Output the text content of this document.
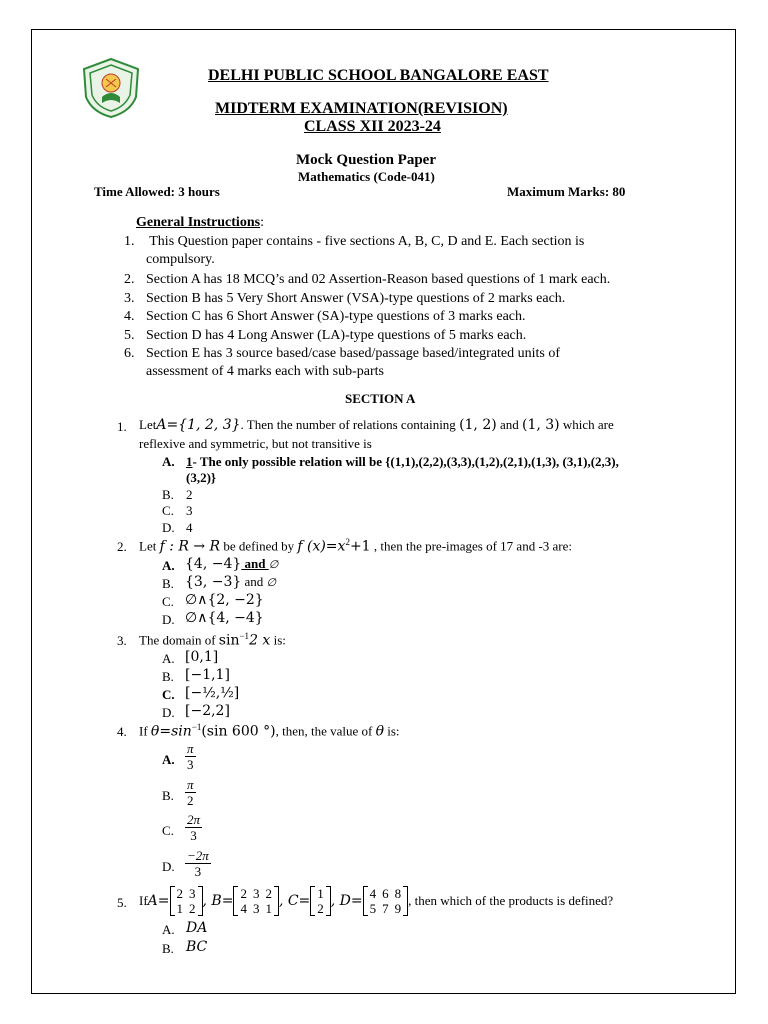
DELHI PUBLIC SCHOOL BANGALORE EAST
MIDTERM EXAMINATION(REVISION)
CLASS XII 2023-24
Mock Question Paper
Mathematics (Code-041)
Time Allowed: 3 hours	Maximum Marks: 80
General Instructions:
1. This Question paper contains - five sections A, B, C, D and E. Each section is
compulsory.
2. Section A has 18 MCQ’s and 02 Assertion-Reason based questions of 1 mark each.
3. Section B has 5 Very Short Answer (VSA)-type questions of 2 marks each.
4. Section C has 6 Short Answer (SA)-type questions of 3 marks each.
5. Section D has 4 Long Answer (LA)-type questions of 5 marks each.
6. Section E has 3 source based/case based/passage based/integrated units of
assessment of 4 marks each with sub-parts
SECTION A
1. LetA={1, 2, 3}. Then the number of relations containing (1, 2) and (1, 3) which are
reflexive and symmetric, but not transitive is
A. 1- The only possible relation will be {(1,1),(2,2),(3,3),(1,2),(2,1),(1,3), (3,1),(2,3),
(3,2)}
B. 2
C. 3
D. 4
2. Let f : R → R be defined by f $(x)=x^2+1$ , then the pre-images of 17 and -3 are:
A. {4, −4} and ∅
B. {3, −3} and ∅
C. ∅∧{2, −2}
D. ∅∧{4, −4}
3. The domain of $\sin^{-1}2$ x is:
A. [0,1]
B. [−1,1]
C. [−½,½]
D. [−2,2]
4. If $\theta=\sin^{-1}(\sin$ 600 °), then, the value of θ is:
A. $\frac{\pi}{3}$
B. $\frac{\pi}{2}$
C. $\frac{2\pi}{3}$
D. $\frac{-2\pi}{3}$
5. If A= 2	3
1	2 , B= 2	3	2
4	3	1 , C= 1
2 , D= 4	6	8
5	7	9
, then which of the products is defined?
A. DA
B. BC
